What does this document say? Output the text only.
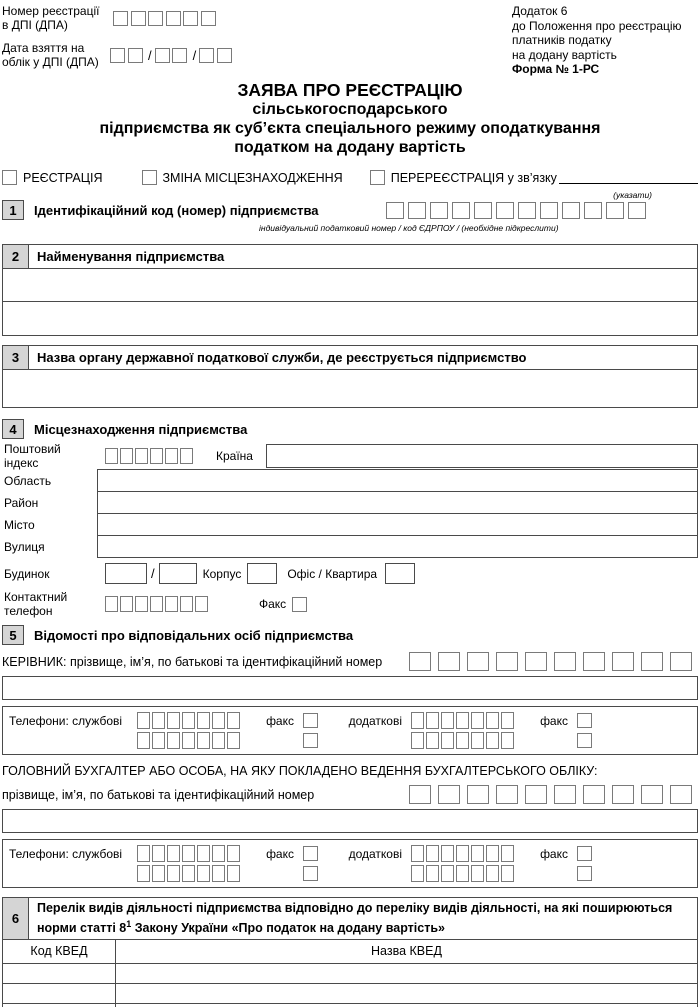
Номер реєстрації
в ДПІ (ДПА)
Дата взяття на
облік у ДПІ (ДПА)	/	/
Додаток 6
до Положення про реєстрацію
платників податку
на додану вартість
Форма № 1-РС
ЗАЯВА ПРО РЕЄСТРАЦІЮ
сільськогосподарського
підприємства як суб’єкта спеціального режиму оподаткування
податком на додану вартість
РЕЄСТРАЦІЯ	ЗМІНА МІСЦЕЗНАХОДЖЕННЯ	ПЕРЕРЕЄСТРАЦІЯ у зв’язку
(указати)
1	Ідентифікаційний код (номер) підприємства
індивідуальний податковий номер / код ЄДРПОУ / (необхідне підкреслити)
2	Найменування підприємства
3	Назва органу державної податкової служби, де реєструється підприємство
4	Місцезнаходження підприємства
Поштовий індекс	Країна
Область
Район
Місто
Вулиця
Будинок	/	Корпус	Офіс / Квартира
Контактний телефон	Факс
5	Відомості про відповідальних осіб підприємства
КЕРІВНИК: прізвище, ім’я, по батькові та ідентифікаційний номер
Телефони: службові	факс	додаткові	факс
ГОЛОВНИЙ БУХГАЛТЕР АБО ОСОБА, НА ЯКУ ПОКЛАДЕНО ВЕДЕННЯ БУХГАЛТЕРСЬКОГО ОБЛІКУ:
прізвище, ім’я, по батькові та ідентифікаційний номер
Телефони: службові	факс	додаткові	факс
6
Перелік видів діяльності підприємства відповідно до переліку видів діяльності, на які поширюються норми статті $8^1$ Закону України «Про податок на додану вартість»
Код КВЕД	Назва КВЕД
